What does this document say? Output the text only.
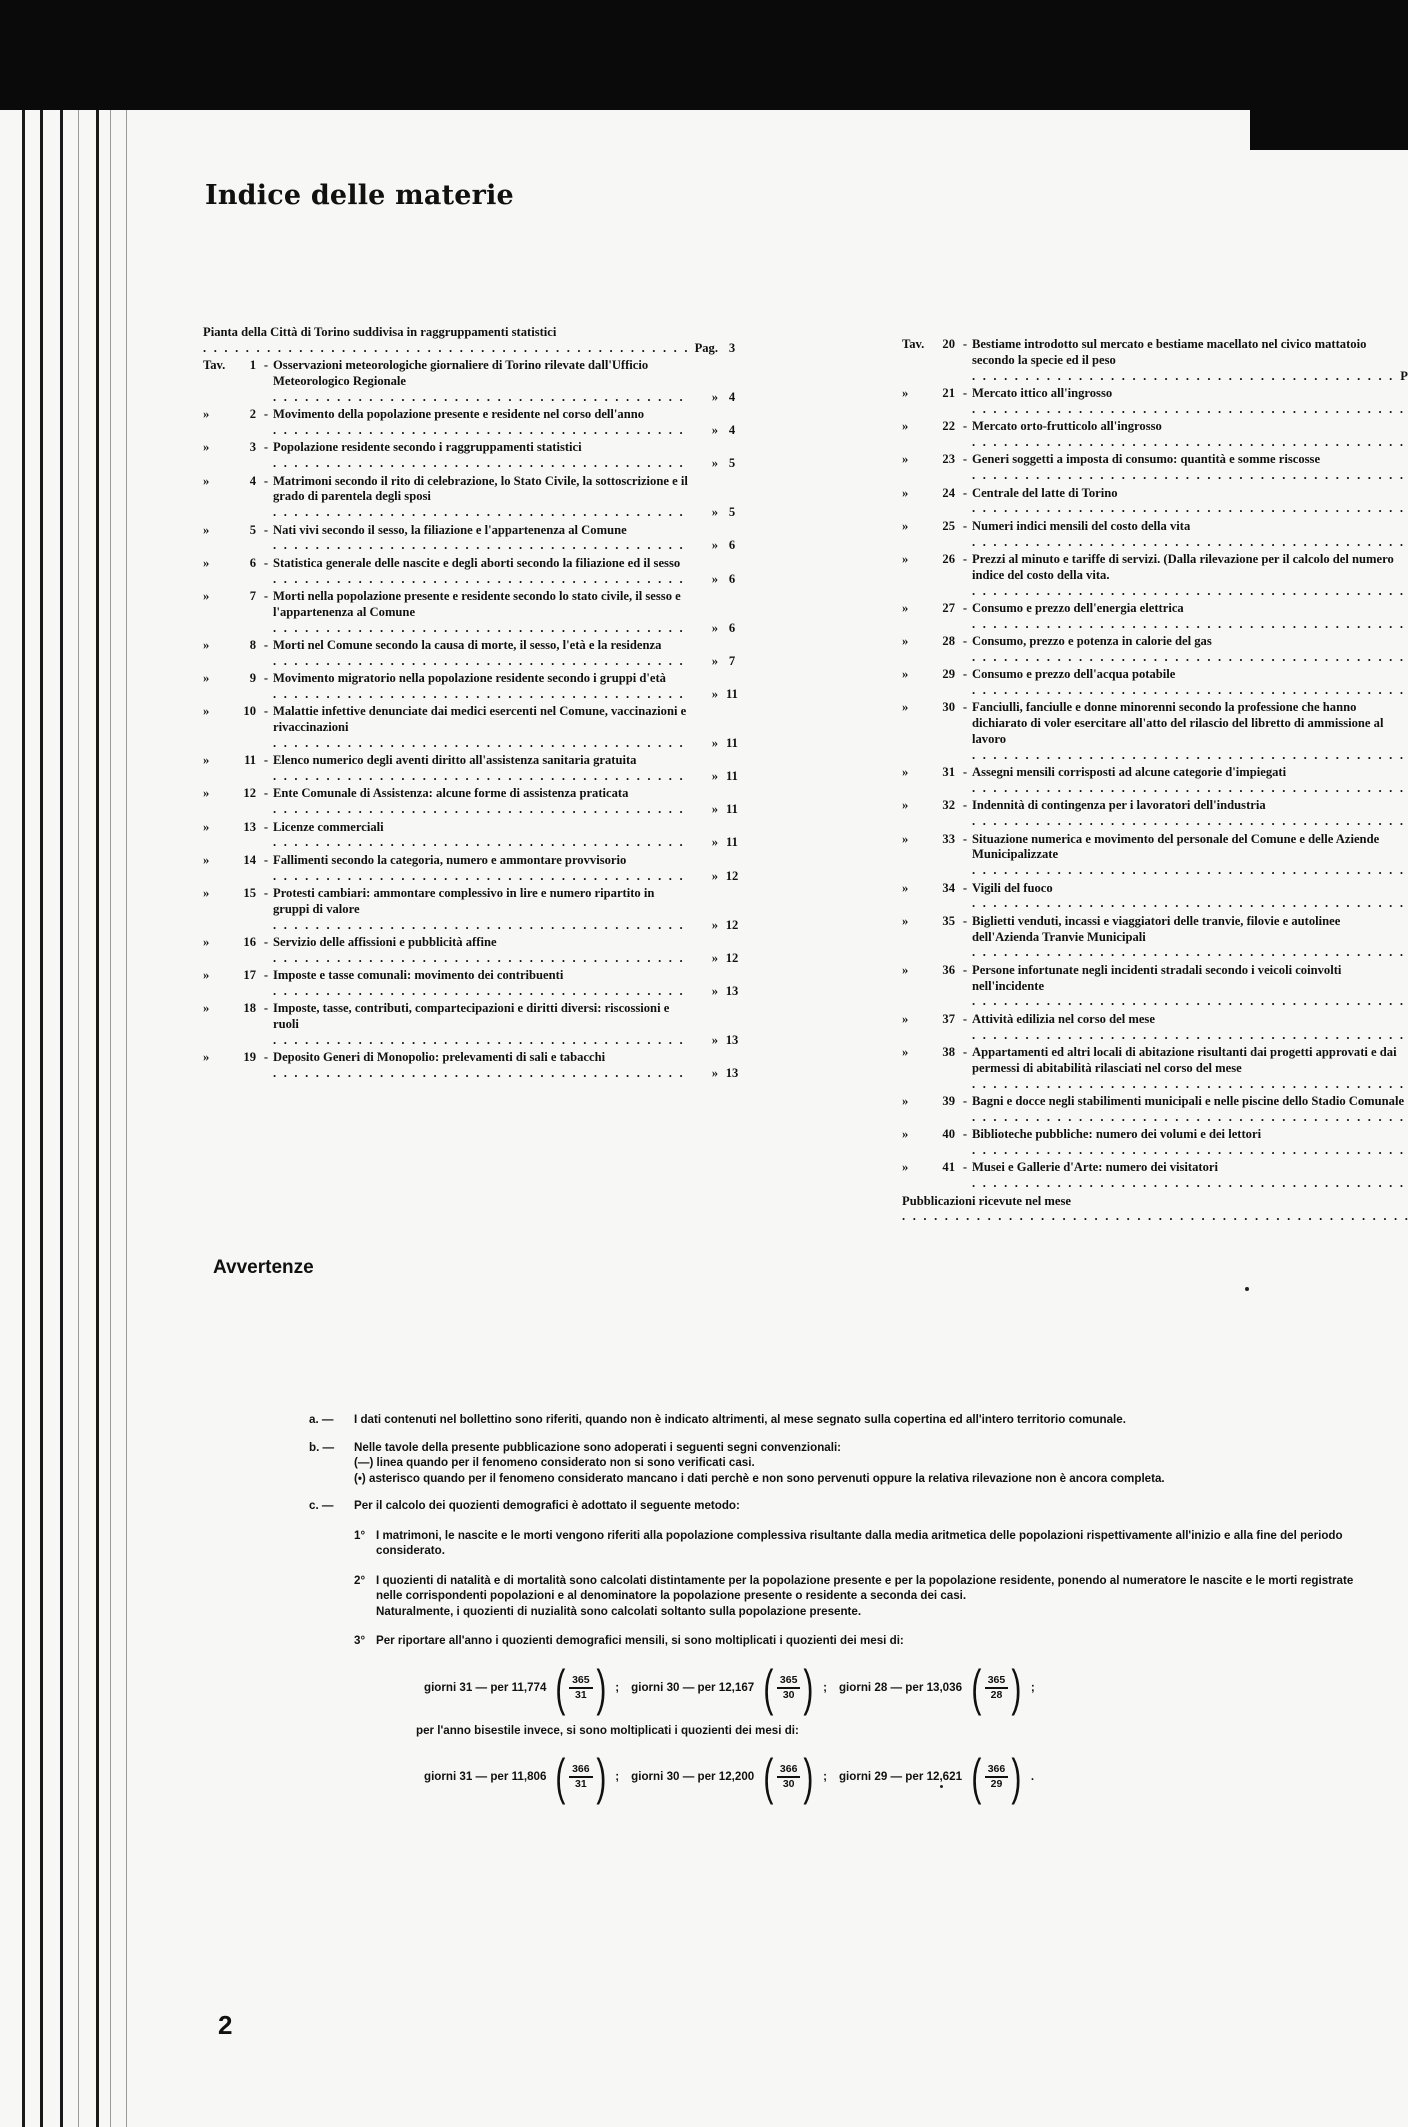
Indice delle materie
Pianta della Città di Torino suddivisa in raggruppamenti statistici
. . .
Pag. 3
Tav.	1 - Osservazioni meteorologiche giornaliere di Torino rilevate dall'Ufficio Meteorologico Regionale
. . .
» 4
»	2 - Movimento della popolazione presente e residente nel corso dell'anno
. . .
» 4
»	3 - Popolazione residente secondo i raggruppamenti statistici
. . .
» 5
»	4 - Matrimoni secondo il rito di celebrazione, lo Stato Civile, la sottoscrizione e il grado di parentela degli sposi
. . .
» 5
»	5 - Nati vivi secondo il sesso, la filiazione e l'appartenenza al Comune
. . .
» 6
»	6 - Statistica generale delle nascite e degli aborti secondo la filiazione ed il sesso
. . .
» 6
»	7 - Morti nella popolazione presente e residente secondo lo stato civile, il sesso e l'appartenenza al Comune
. . .
» 6
»	8 - Morti nel Comune secondo la causa di morte, il sesso, l'età e la residenza
. . .
» 7
»	9 - Movimento migratorio nella popolazione residente secondo i gruppi d'età
. . .
» 11
»	10 - Malattie infettive denunciate dai medici esercenti nel Comune, vaccinazioni e rivaccinazioni
. . .
» 11
»	11 - Elenco numerico degli aventi diritto all'assistenza sanitaria gratuita
. . .
» 11
»	12 - Ente Comunale di Assistenza: alcune forme di assistenza praticata
. . .
» 11
»	13 - Licenze commerciali
. . .
» 11
»	14 - Fallimenti secondo la categoria, numero e ammontare provvisorio
. . .
» 12
»	15 - Protesti cambiari: ammontare complessivo in lire e numero ripartito in gruppi di valore
. . .
» 12
»	16 - Servizio delle affissioni e pubblicità affine
. . .
» 12
»	17 - Imposte e tasse comunali: movimento dei contribuenti
. . .
» 13
»	18 - Imposte, tasse, contributi, compartecipazioni e diritti diversi: riscossioni e ruoli
. . .
» 13
»	19 - Deposito Generi di Monopolio: prelevamenti di sali e tabacchi
. . .
» 13
Tav.	20 - Bestiame introdotto sul mercato e bestiame macellato nel civico mattatoio secondo la specie ed il peso
. . .
P
»	21 - Mercato ittico all'ingrosso
. . .
»	22 - Mercato orto-frutticolo all'ingrosso
. . .
»	23 - Generi soggetti a imposta di consumo: quantità e somme riscosse
. . .
»	24 - Centrale del latte di Torino
. . .
»	25 - Numeri indici mensili del costo della vita
. . .
»	26 - Prezzi al minuto e tariffe di servizi. (Dalla rilevazione per il calcolo del numero indice del costo della vita.
. . .
»	27 - Consumo e prezzo dell'energia elettrica
. . .
»	28 - Consumo, prezzo e potenza in calorie del gas
. . .
»	29 - Consumo e prezzo dell'acqua potabile
. . .
»	30 - Fanciulli, fanciulle e donne minorenni secondo la professione che hanno dichiarato di voler esercitare all'atto del rilascio del libretto di ammissione al lavoro
. . .
»	31 - Assegni mensili corrisposti ad alcune categorie d'impiegati
. . .
»	32 - Indennità di contingenza per i lavoratori dell'industria
. . .
»	33 - Situazione numerica e movimento del personale del Comune e delle Aziende Municipalizzate
. . .
»	34 - Vigili del fuoco
. . .
»	35 - Biglietti venduti, incassi e viaggiatori delle tranvie, filovie e autolinee dell'Azienda Tranvie Municipali
. . .
»	36 - Persone infortunate negli incidenti stradali secondo i veicoli coinvolti nell'incidente
. . .
»	37 - Attività edilizia nel corso del mese
. . .
»	38 - Appartamenti ed altri locali di abitazione risultanti dai progetti approvati e dai permessi di abitabilità rilasciati nel corso del mese
. . .
»	39 - Bagni e docce negli stabilimenti municipali e nelle piscine dello Stadio Comunale
. . .
»	40 - Biblioteche pubbliche: numero dei volumi e dei lettori
. . .
»	41 - Musei e Gallerie d'Arte: numero dei visitatori
. . .
Pubblicazioni ricevute nel mese
. . .
Avvertenze
a. —	I dati contenuti nel bollettino sono riferiti, quando non è indicato altrimenti, al mese segnato sulla copertina ed all'intero territorio comunale.
b. —	Nelle tavole della presente pubblicazione sono adoperati i seguenti segni convenzionali:
(—) linea quando per il fenomeno considerato non si sono verificati casi.
(•) asterisco quando per il fenomeno considerato mancano i dati perchè e non sono pervenuti oppure la relativa rilevazione non è ancora completa.
c. —	Per il calcolo dei quozienti demografici è adottato il seguente metodo:
1° I matrimoni, le nascite e le morti vengono riferiti alla popolazione complessiva risultante dalla media aritmetica delle popolazioni rispettivamente all'inizio e alla fine del periodo considerato.
2° I quozienti di natalità e di mortalità sono calcolati distintamente per la popolazione presente e per la popolazione residente, ponendo al numeratore le nascite e le morti registrate nelle corrispondenti popolazioni e al denominatore la popolazione presente o residente a seconda dei casi.
Naturalmente, i quozienti di nuzialità sono calcolati soltanto sulla popolazione presente.
3° Per riportare all'anno i quozienti demografici mensili, si sono moltiplicati i quozienti dei mesi di:
giorni 31 — per 11,774 ( $\frac{365}{31}$ ) ; giorni 30 — per 12,167 ( $\frac{365}{30}$ ) ; giorni 28 — per 13,036 ( $\frac{365}{28}$ ) ;
per l'anno bisestile invece, si sono moltiplicati i quozienti dei mesi di:
giorni 31 — per 11,806 ( $\frac{366}{31}$ ) ; giorni 30 — per 12,200 ( $\frac{366}{30}$ ) ; giorni 29 — per 12,621 ( $\frac{366}{29}$ ) .
2
